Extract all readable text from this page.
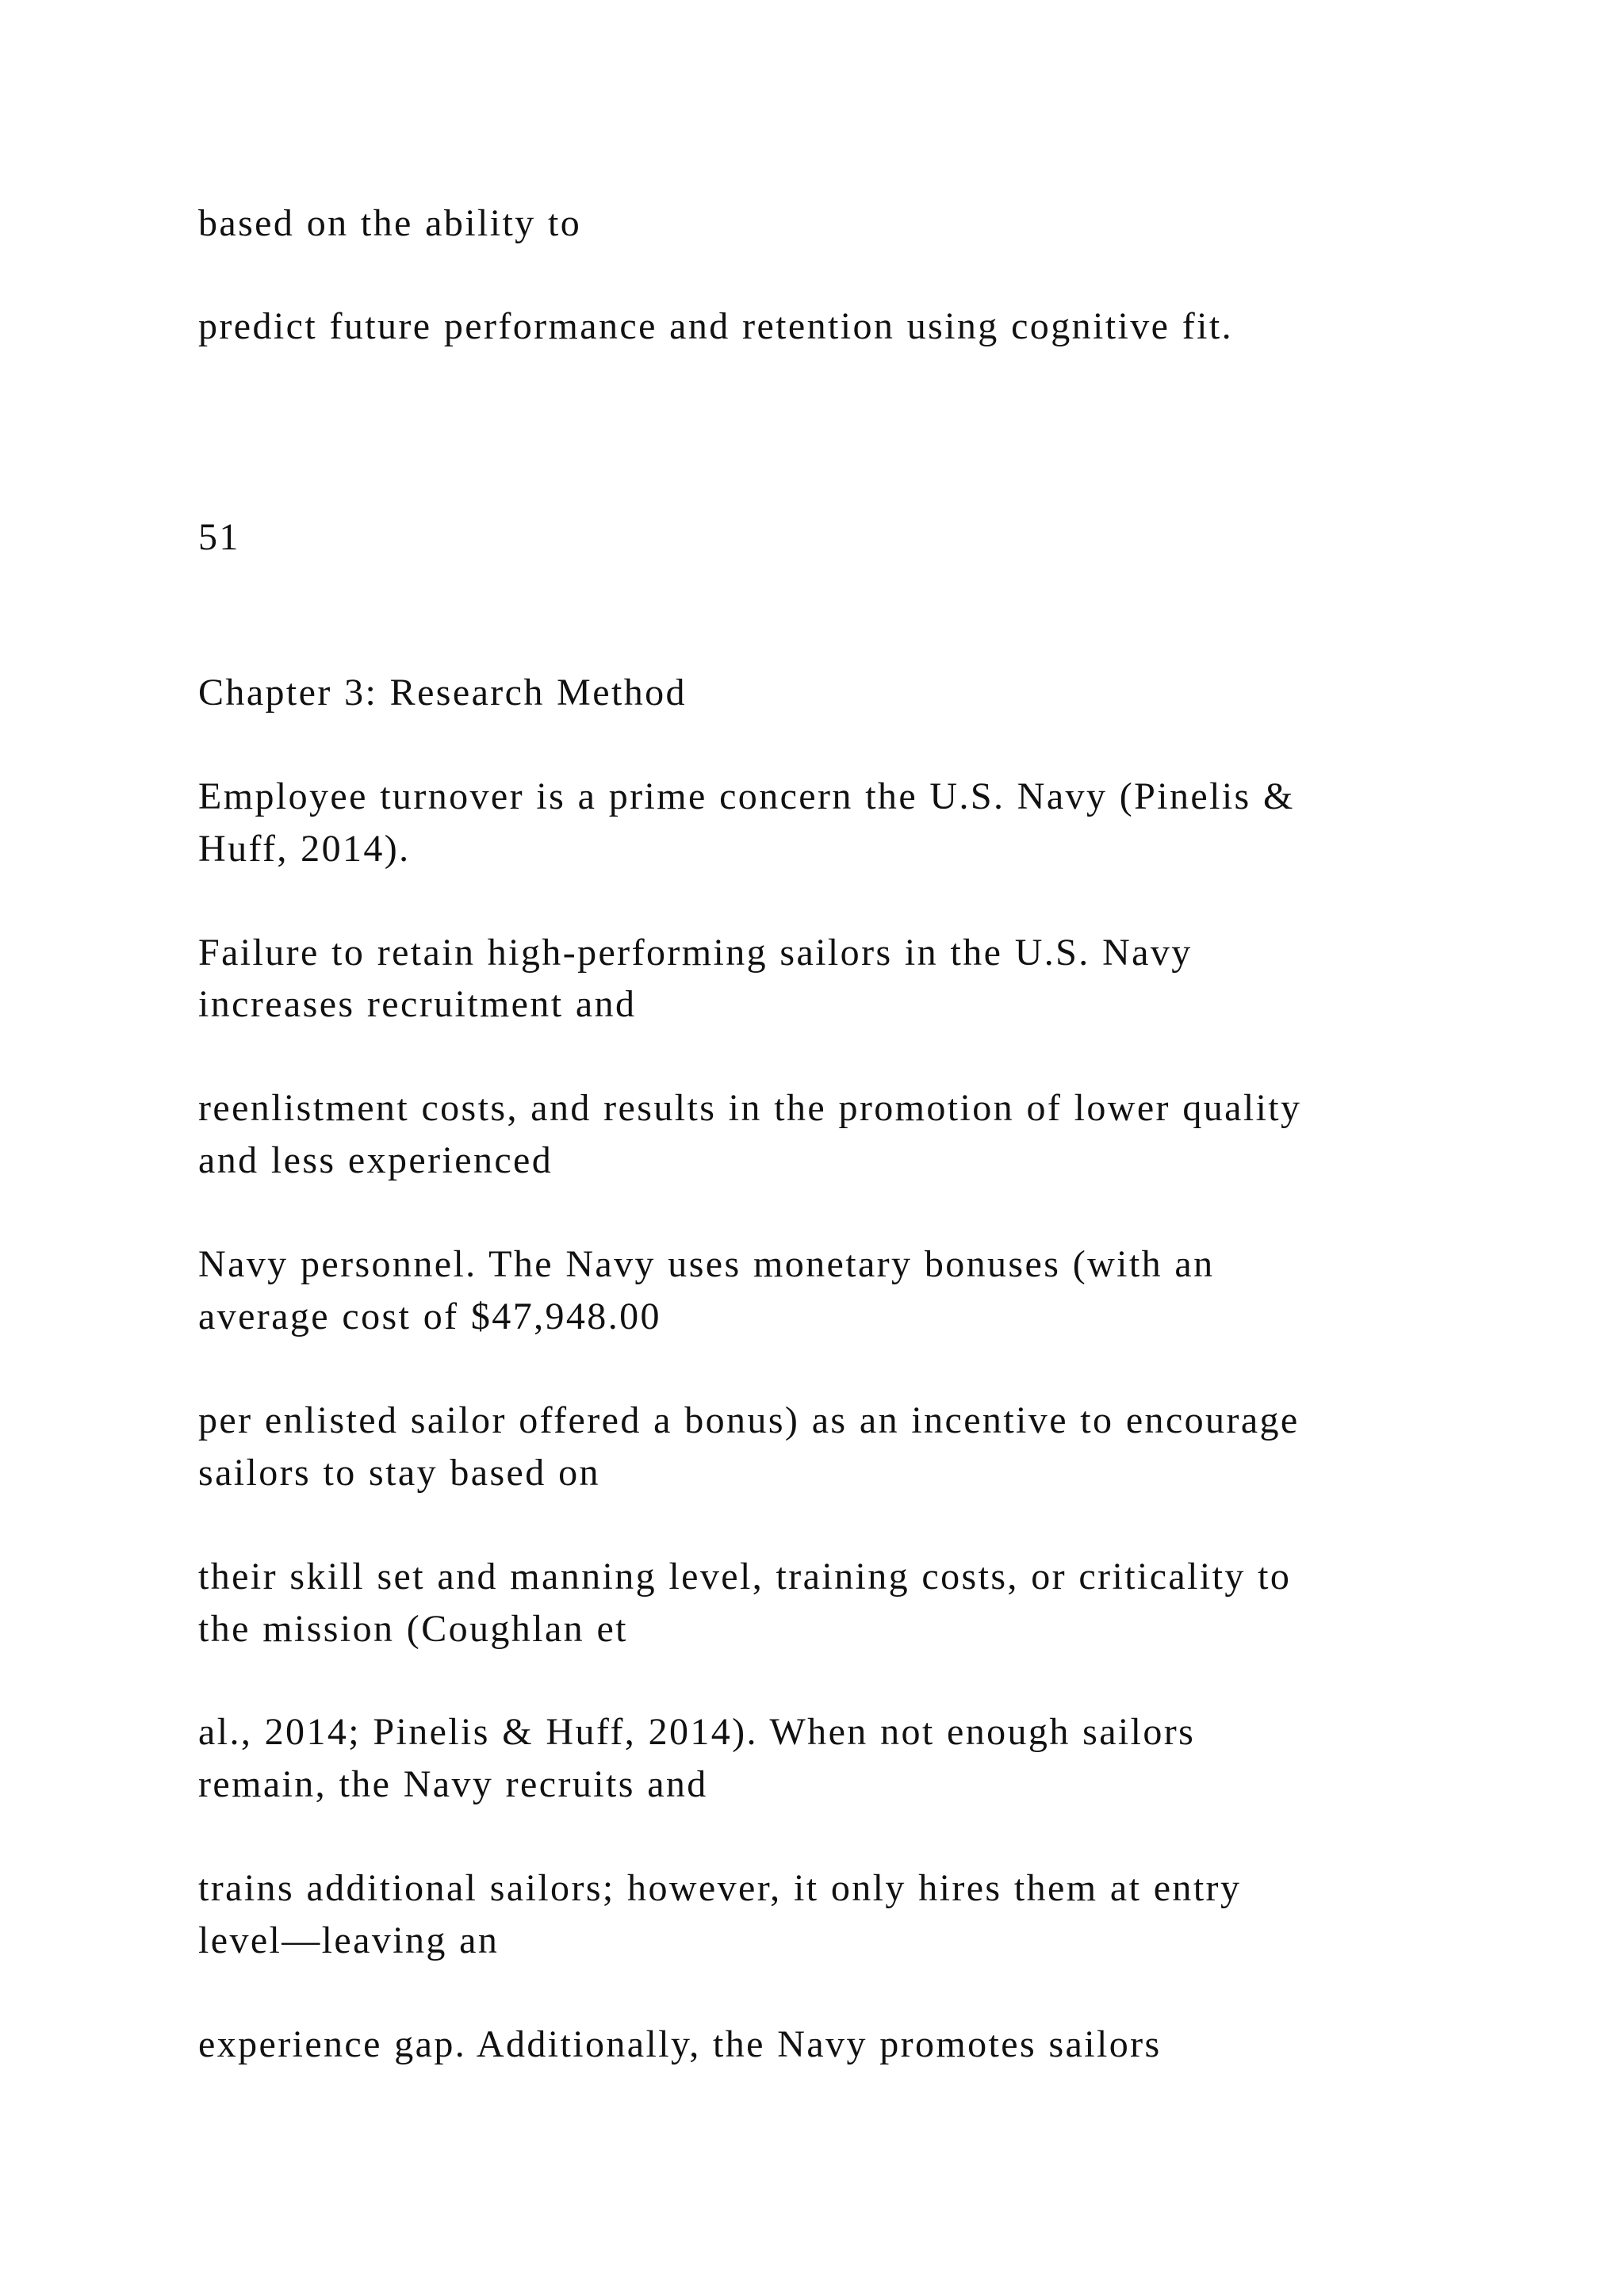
based on the ability to
predict future performance and retention using cognitive fit.
51
Chapter 3: Research Method
Employee turnover is a prime concern the U.S. Navy (Pinelis &
Huff, 2014).
Failure to retain high-performing sailors in the U.S. Navy
increases recruitment and
reenlistment costs, and results in the promotion of lower quality
and less experienced
Navy personnel. The Navy uses monetary bonuses (with an
average cost of $47,948.00
per enlisted sailor offered a bonus) as an incentive to encourage
sailors to stay based on
their skill set and manning level, training costs, or criticality to
the mission (Coughlan et
al., 2014; Pinelis & Huff, 2014). When not enough sailors
remain, the Navy recruits and
trains additional sailors; however, it only hires them at entry
level—leaving an
experience gap. Additionally, the Navy promotes sailors
